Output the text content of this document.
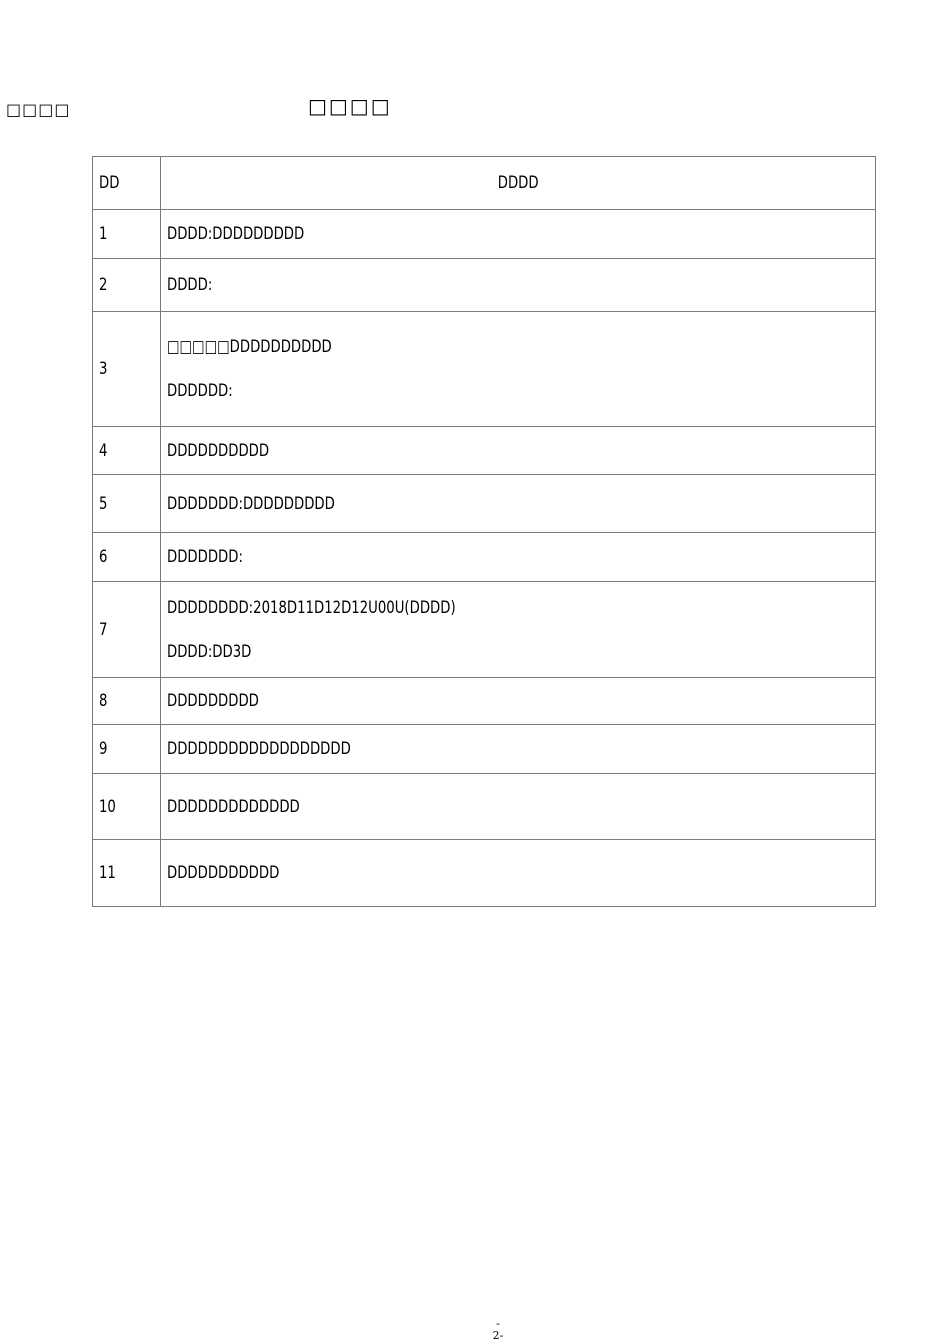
□□□□	□□□□
DD	DDDD
1	DDDD:DDDDDDDDD
2	DDDD:
3	□□□□□DDDDDDDDDD
DDDDDD:

4	DDDDDDDDDD
5	DDDDDDD:DDDDDDDDD
6	DDDDDDD:
7	DDDDDDDD:2018D11D12D12U00U(DDDD)
DDDD:DD3D

8	DDDDDDDDD
9	DDDDDDDDDDDDDDDDDD
10	DDDDDDDDDDDDD
11	DDDDDDDDDDD
-
2-
